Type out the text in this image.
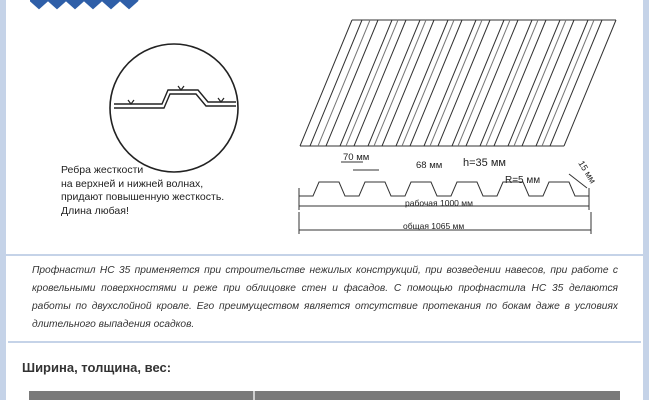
Ребра жесткости
на верхней и нижней волнах,
придают повышенную жесткость.
Длина любая!
70 мм
68 мм h=35 мм
R=5 мм	15 мм
рабочая 1000 мм
общая 1065 мм

Профнастил НС 35 применяется при строительстве нежилых конструкций, при возведении навесов, при работе с кровельными поверхностями и реже при облицовке стен и фасадов. С помощью профнастила НС 35 делаются работы по двухслойной кровле. Его преимуществом является отсутствие протекания по бокам даже в условиях длительного выпадения осадков.

Ширина, толщина, вес:
